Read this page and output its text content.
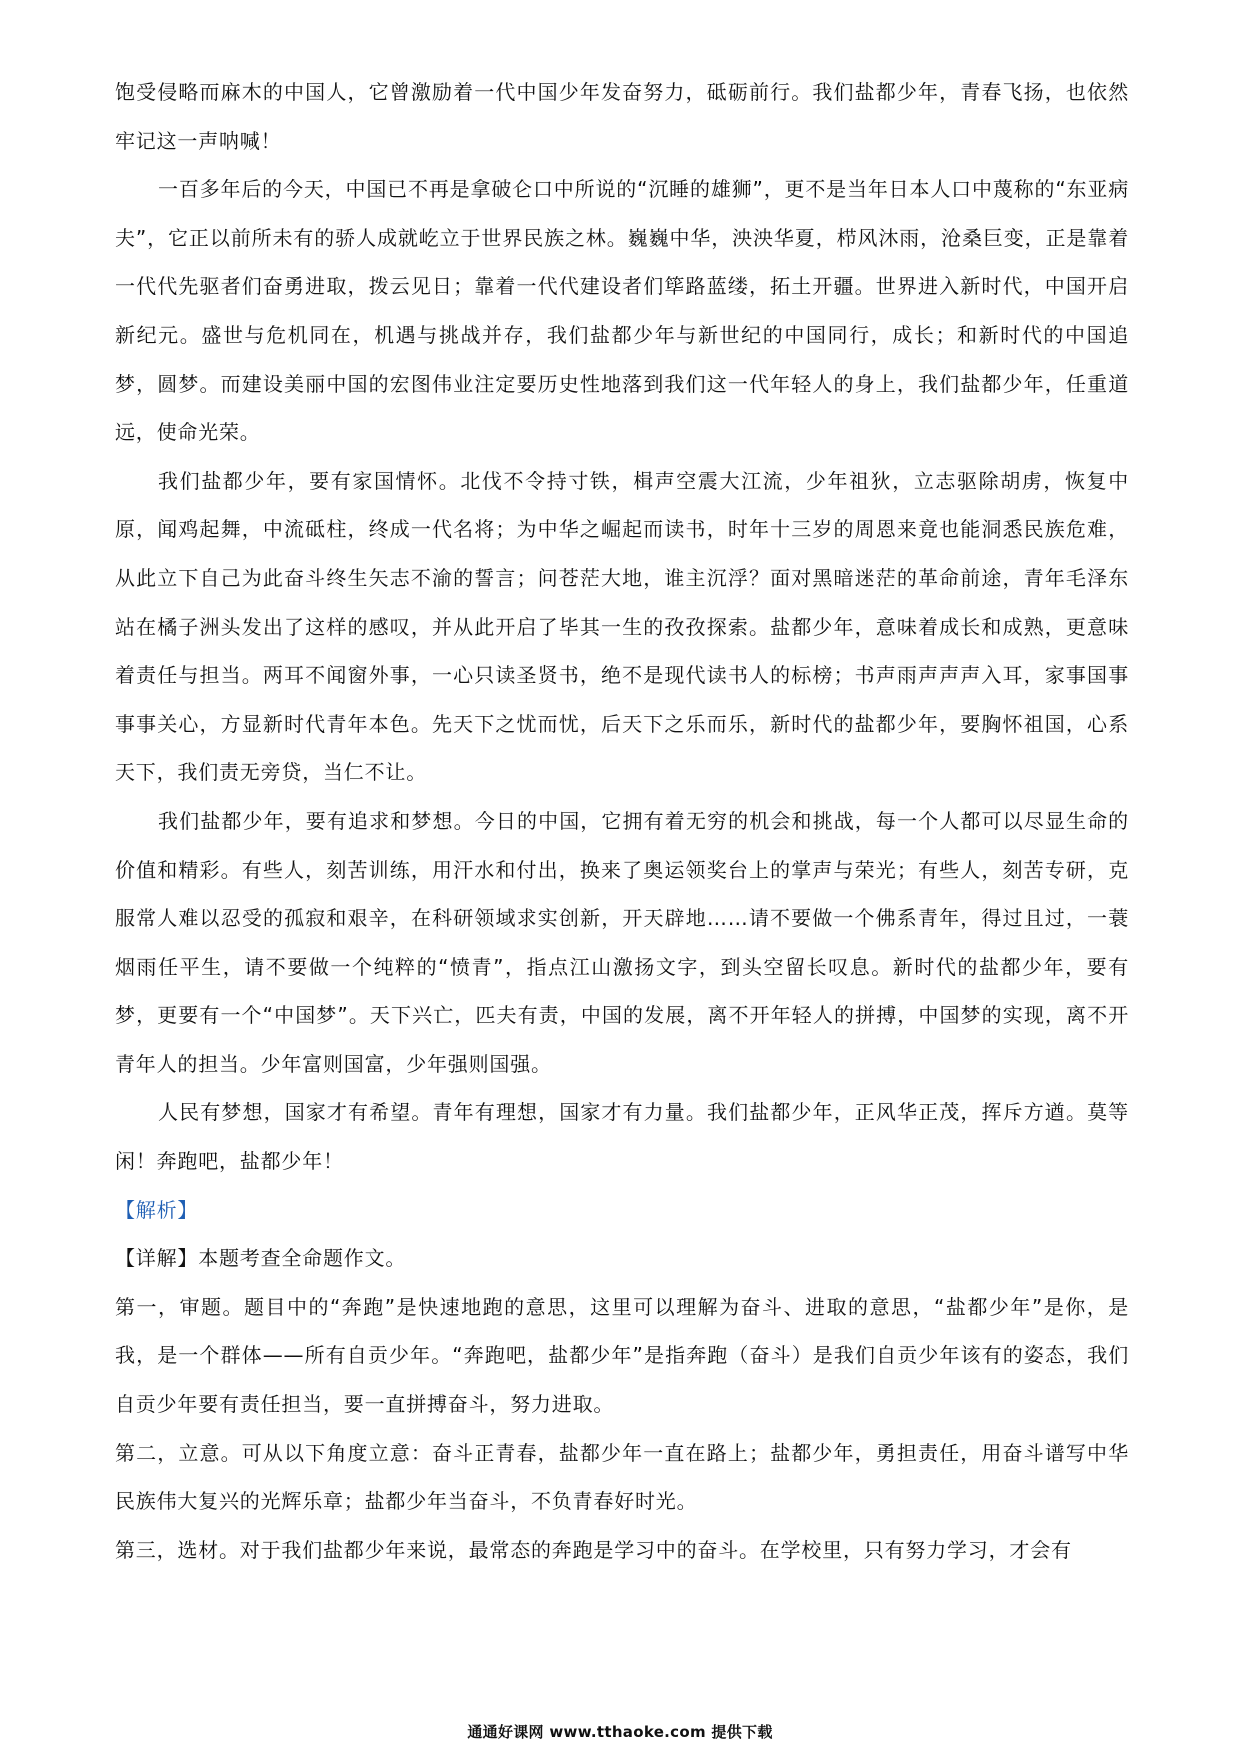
饱受侵略而麻木的中国人，它曾激励着一代中国少年发奋努力，砥砺前行。我们盐都少年，青春飞扬，也依然牢记这一声呐喊！

一百多年后的今天，中国已不再是拿破仑口中所说的“沉睡的雄狮”，更不是当年日本人口中蔑称的“东亚病夫”，它正以前所未有的骄人成就屹立于世界民族之林。巍巍中华，泱泱华夏，栉风沐雨，沧桑巨变，正是靠着一代代先驱者们奋勇进取，拨云见日；靠着一代代建设者们筚路蓝缕，拓土开疆。世界进入新时代，中国开启新纪元。盛世与危机同在，机遇与挑战并存，我们盐都少年与新世纪的中国同行，成长；和新时代的中国追梦，圆梦。而建设美丽中国的宏图伟业注定要历史性地落到我们这一代年轻人的身上，我们盐都少年，任重道远，使命光荣。

我们盐都少年，要有家国情怀。北伐不令持寸铁，楫声空震大江流，少年祖狄，立志驱除胡虏，恢复中原，闻鸡起舞，中流砥柱，终成一代名将；为中华之崛起而读书，时年十三岁的周恩来竟也能洞悉民族危难，从此立下自己为此奋斗终生矢志不渝的誓言；问苍茫大地，谁主沉浮？面对黑暗迷茫的革命前途，青年毛泽东站在橘子洲头发出了这样的感叹，并从此开启了毕其一生的孜孜探索。盐都少年，意味着成长和成熟，更意味着责任与担当。两耳不闻窗外事，一心只读圣贤书，绝不是现代读书人的标榜；书声雨声声声入耳，家事国事事事关心，方显新时代青年本色。先天下之忧而忧，后天下之乐而乐，新时代的盐都少年，要胸怀祖国，心系天下，我们责无旁贷，当仁不让。

我们盐都少年，要有追求和梦想。今日的中国，它拥有着无穷的机会和挑战，每一个人都可以尽显生命的价值和精彩。有些人，刻苦训练，用汗水和付出，换来了奥运领奖台上的掌声与荣光；有些人，刻苦专研，克服常人难以忍受的孤寂和艰辛，在科研领域求实创新，开天辟地……请不要做一个佛系青年，得过且过，一蓑烟雨任平生，请不要做一个纯粹的“愤青”，指点江山激扬文字，到头空留长叹息。新时代的盐都少年，要有梦，更要有一个“中国梦”。天下兴亡，匹夫有责，中国的发展，离不开年轻人的拼搏，中国梦的实现，离不开青年人的担当。少年富则国富，少年强则国强。

人民有梦想，国家才有希望。青年有理想，国家才有力量。我们盐都少年，正风华正茂，挥斥方遒。莫等闲！奔跑吧，盐都少年！

【解析】

【详解】本题考查全命题作文。

第一，审题。题目中的“奔跑”是快速地跑的意思，这里可以理解为奋斗、进取的意思，“盐都少年”是你，是我，是一个群体——所有自贡少年。“奔跑吧，盐都少年”是指奔跑（奋斗）是我们自贡少年该有的姿态，我们自贡少年要有责任担当，要一直拼搏奋斗，努力进取。

第二，立意。可从以下角度立意：奋斗正青春，盐都少年一直在路上；盐都少年，勇担责任，用奋斗谱写中华民族伟大复兴的光辉乐章；盐都少年当奋斗，不负青春好时光。

第三，选材。对于我们盐都少年来说，最常态的奔跑是学习中的奋斗。在学校里，只有努力学习，才会有

通通好课网 www.tthaoke.com 提供下载
